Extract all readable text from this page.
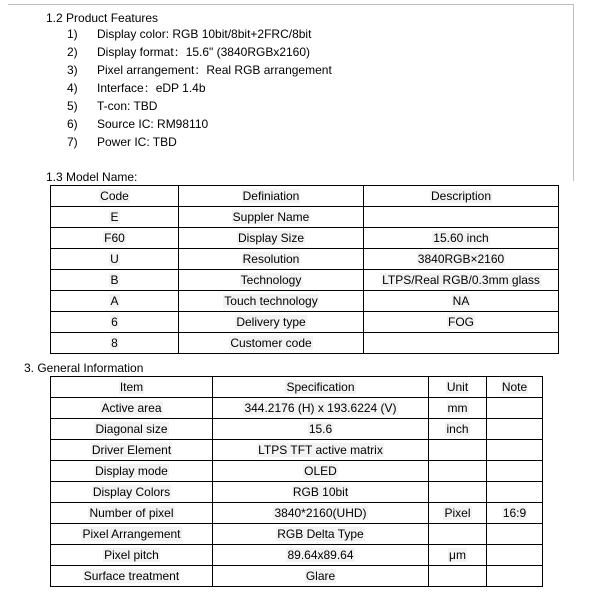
1.2 Product Features
1) Display color: RGB 10bit/8bit+2FRC/8bit
2) Display format：15.6" (3840RGBx2160)
3) Pixel arrangement：Real RGB arrangement
4) Interface：eDP 1.4b
5) T-con: TBD
6) Source IC: RM98110
7) Power IC: TBD
1.3 Model Name:
Code	Definiation	Description
E	Suppler Name	
F60	Display Size	15.60 inch
U	Resolution	3840RGB×2160
B	Technology	LTPS/Real RGB/0.3mm glass
A	Touch technology	NA
6	Delivery type	FOG
8	Customer code	
3. General Information
Item	Specification	Unit	Note
Active area	344.2176 (H) x 193.6224 (V)	mm	
Diagonal size	15.6	inch	
Driver Element	LTPS TFT active matrix		
Display mode	OLED		
Display Colors	RGB 10bit		
Number of pixel	3840*2160(UHD)	Pixel	16:9
Pixel Arrangement	RGB Delta Type		
Pixel pitch	89.64x89.64	μm	
Surface treatment	Glare		
